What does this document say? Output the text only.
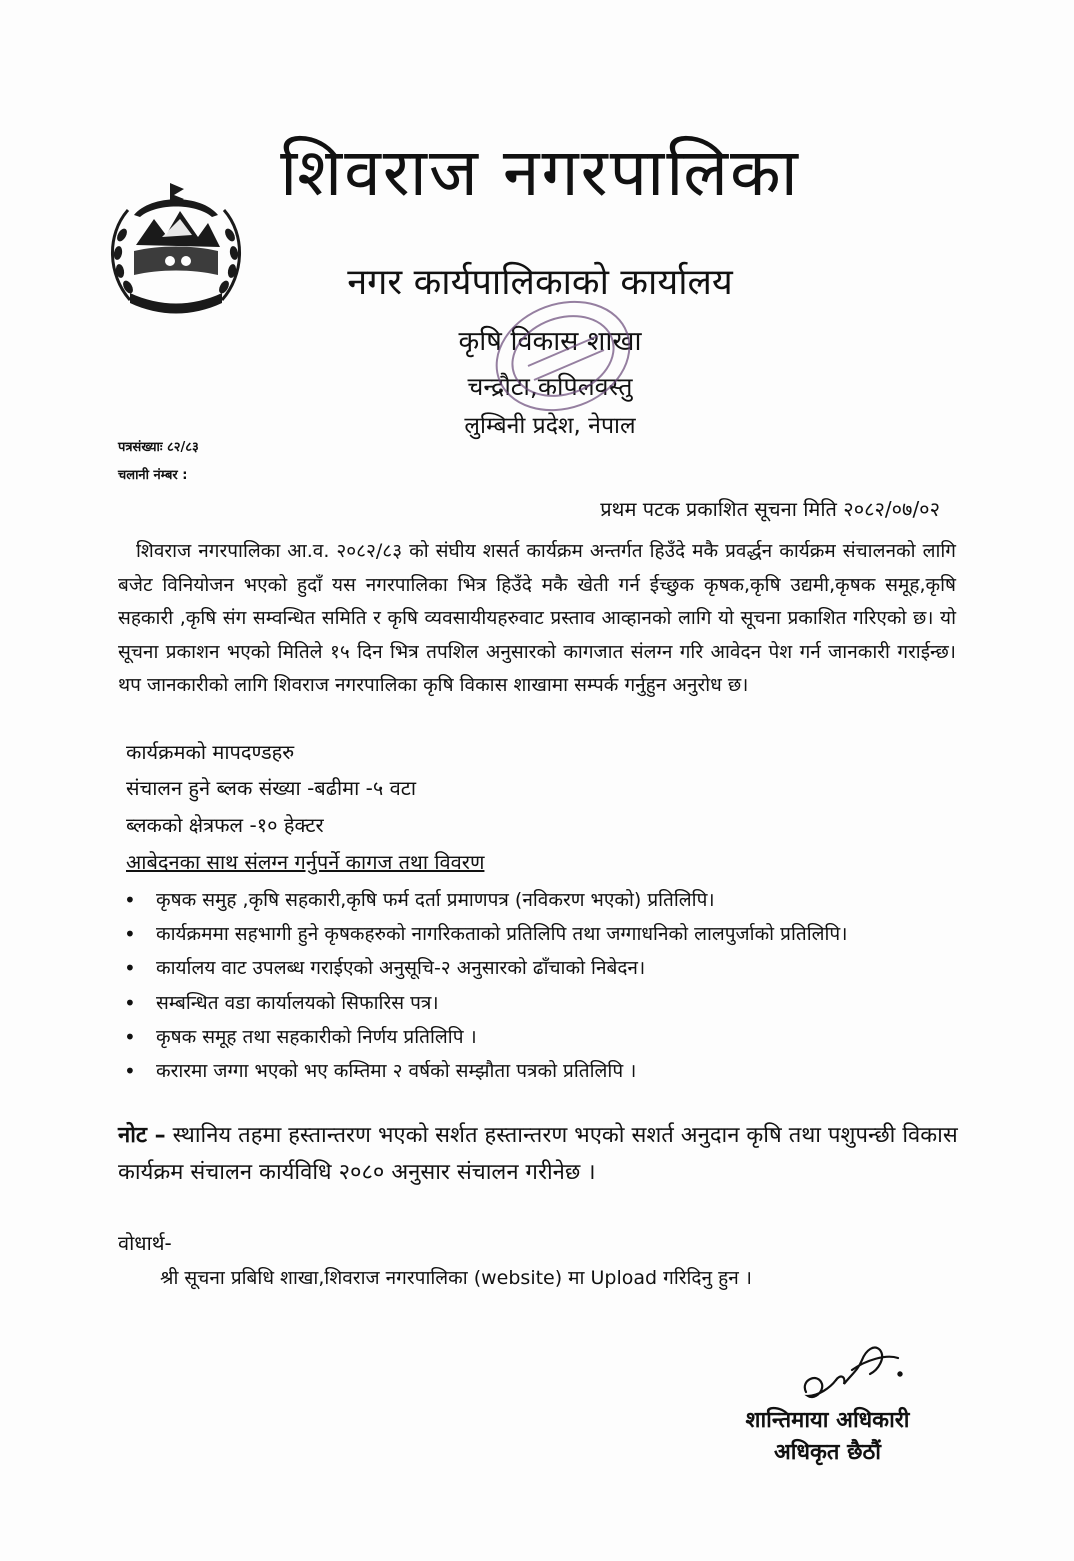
शिवराज नगरपालिका
नगर कार्यपालिकाको कार्यालय
कृषि विकास शाखा
चन्द्रौटा,कपिलवस्तु
लुम्बिनी प्रदेश, नेपाल
पत्रसंख्याः ८२/८३
चलानी नंम्बर :
प्रथम पटक प्रकाशित सूचना मिति २०८२/०७/०२
शिवराज नगरपालिका आ.व. २०८२/८३ को संघीय शसर्त कार्यक्रम अन्तर्गत हिउँदे मकै प्रवर्द्धन कार्यक्रम संचालनको लागि बजेट विनियोजन भएको हुदाँ यस नगरपालिका भित्र हिउँदे मकै खेती गर्न ईच्छुक कृषक,कृषि उद्यमी,कृषक समूह,कृषि सहकारी ,कृषि संग सम्वन्धित समिति र कृषि व्यवसायीयहरुवाट प्रस्ताव आव्हानको लागि यो सूचना प्रकाशित गरिएको छ। यो सूचना प्रकाशन भएको मितिले १५ दिन भित्र तपशिल अनुसारको कागजात संलग्न गरि आवेदन पेश गर्न जानकारी गराईन्छ। थप जानकारीको लागि शिवराज नगरपालिका कृषि विकास शाखामा सम्पर्क गर्नुहुन अनुरोध छ।
कार्यक्रमको मापदण्डहरु
संचालन हुने ब्लक संख्या -बढीमा -५ वटा
ब्लकको क्षेत्रफल -१० हेक्टर
आबेदनका साथ संलग्न गर्नुपर्ने कागज तथा विवरण
• कृषक समुह ,कृषि सहकारी,कृषि फर्म दर्ता प्रमाणपत्र (नविकरण भएको) प्रतिलिपि।
• कार्यक्रममा सहभागी हुने कृषकहरुको नागरिकताको प्रतिलिपि तथा जग्गाधनिको लालपुर्जाको प्रतिलिपि।
• कार्यालय वाट उपलब्ध गराईएको अनुसूचि-२ अनुसारको ढाँचाको निबेदन।
• सम्बन्धित वडा कार्यालयको सिफारिस पत्र।
• कृषक समूह तथा सहकारीको निर्णय प्रतिलिपि ।
• करारमा जग्गा भएको भए कम्तिमा २ वर्षको सम्झौता पत्रको प्रतिलिपि ।
नोट – स्थानिय तहमा हस्तान्तरण भएको सर्शत हस्तान्तरण भएको सशर्त अनुदान कृषि तथा पशुपन्छी विकास कार्यक्रम संचालन कार्यविधि २०८० अनुसार संचालन गरीनेछ ।
वोधार्थ-
श्री सूचना प्रबिधि शाखा,शिवराज नगरपालिका (website) मा Upload गरिदिनु हुन ।
शान्तिमाया अधिकारी
अधिकृत छैठौं
